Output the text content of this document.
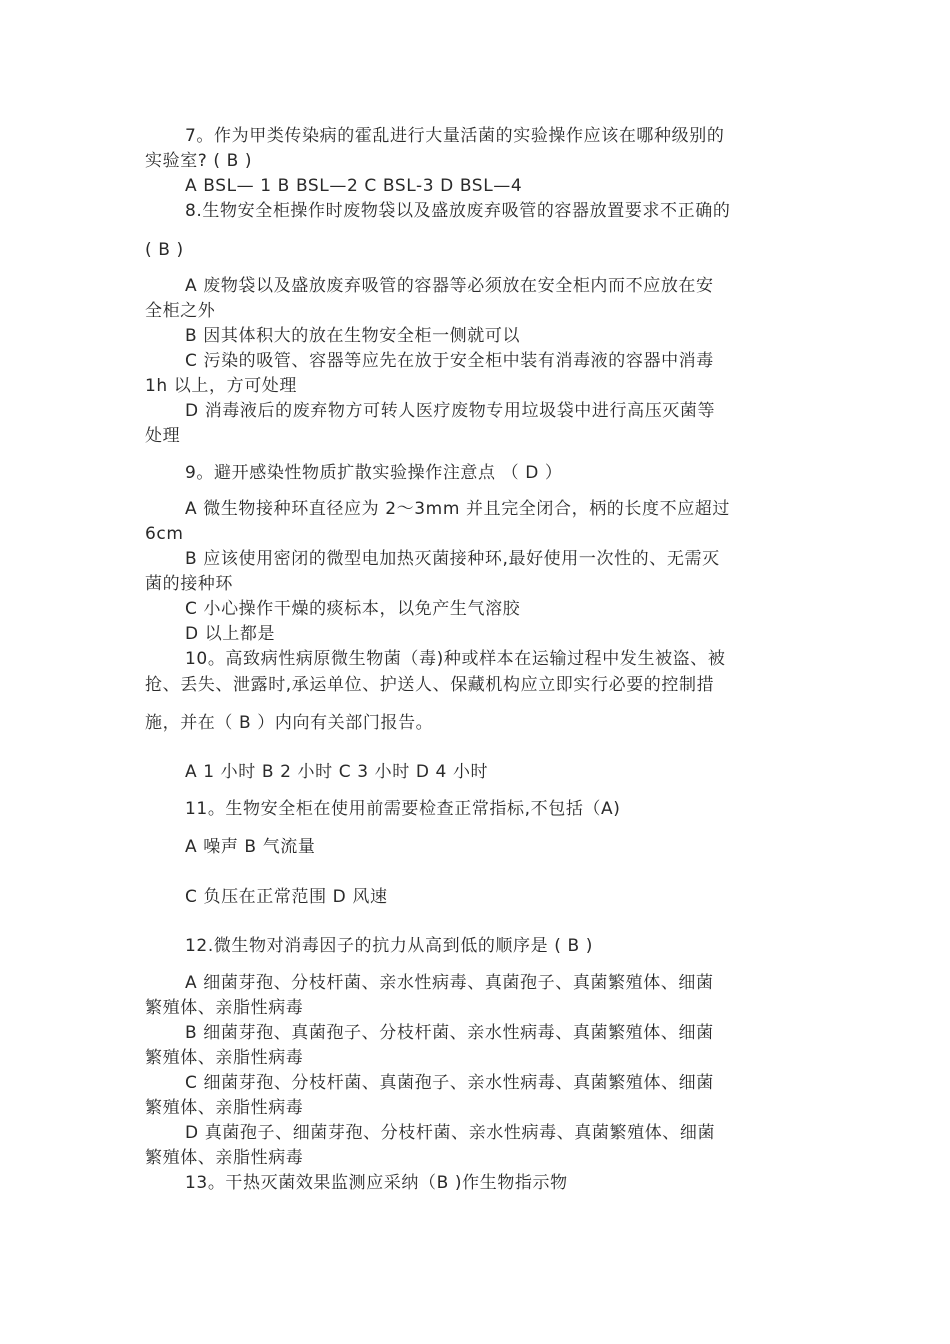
7。作为甲类传染病的霍乱进行大量活菌的实验操作应该在哪种级别的

实验室? ( B )

A BSL— 1 B BSL—2 C BSL-3 D BSL—4

8.生物安全柜操作时废物袋以及盛放废弃吸管的容器放置要求不正确的

( B )

A 废物袋以及盛放废弃吸管的容器等必须放在安全柜内而不应放在安

全柜之外

B 因其体积大的放在生物安全柜一侧就可以

C 污染的吸管、容器等应先在放于安全柜中装有消毒液的容器中消毒

1h 以上，方可处理

D 消毒液后的废弃物方可转人医疗废物专用垃圾袋中进行高压灭菌等

处理

9。避开感染性物质扩散实验操作注意点 （ D ）

A 微生物接种环直径应为 2～3mm 并且完全闭合，柄的长度不应超过

6cm

B 应该使用密闭的微型电加热灭菌接种环,最好使用一次性的、无需灭

菌的接种环

C 小心操作干燥的痰标本，以免产生气溶胶

D 以上都是

10。高致病性病原微生物菌（毒)种或样本在运输过程中发生被盗、被

抢、丢失、泄露时,承运单位、护送人、保藏机构应立即实行必要的控制措

施，并在（ B ）内向有关部门报告。

A 1 小时 B 2 小时 C 3 小时 D 4 小时

11。生物安全柜在使用前需要检查正常指标,不包括（A)

A 噪声 B 气流量

C 负压在正常范围 D 风速

12.微生物对消毒因子的抗力从高到低的顺序是 ( B )

A 细菌芽孢、分枝杆菌、亲水性病毒、真菌孢子、真菌繁殖体、细菌

繁殖体、亲脂性病毒

B 细菌芽孢、真菌孢子、分枝杆菌、亲水性病毒、真菌繁殖体、细菌

繁殖体、亲脂性病毒

C 细菌芽孢、分枝杆菌、真菌孢子、亲水性病毒、真菌繁殖体、细菌

繁殖体、亲脂性病毒

D 真菌孢子、细菌芽孢、分枝杆菌、亲水性病毒、真菌繁殖体、细菌

繁殖体、亲脂性病毒

13。干热灭菌效果监测应采纳（B )作生物指示物
